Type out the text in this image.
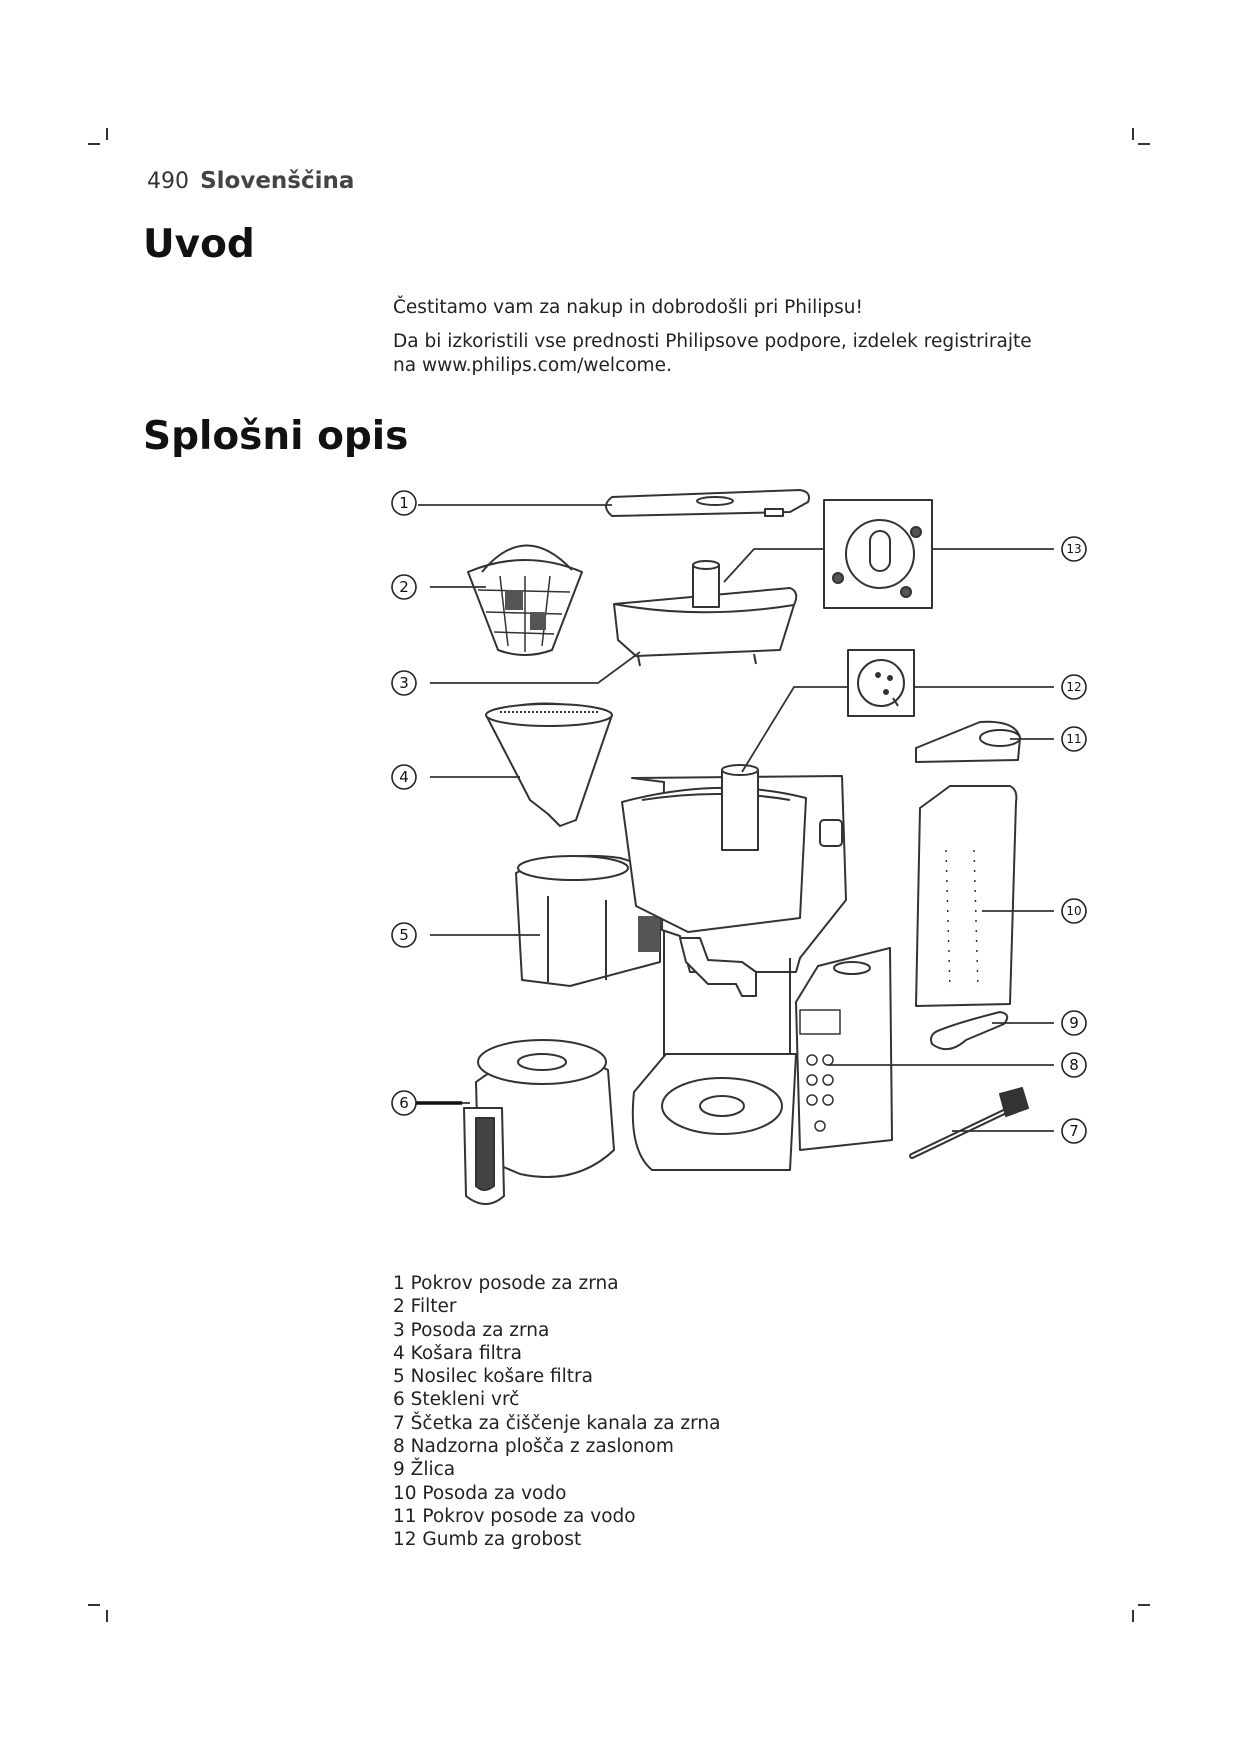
490 Slovenščina
Uvod

Čestitamo vam za nakup in dobrodošli pri Philipsu!

Da bi izkoristili vse prednosti Philipsove podpore, izdelek registrirajte na www.philips.com/welcome.

Splošni opis
1
2
3
4
5
6
7
8
9
10
11
12
13
1 Pokrov posode za zrna
2 Filter
3 Posoda za zrna
4 Košara filtra
5 Nosilec košare filtra
6 Stekleni vrč
7 Ščetka za čiščenje kanala za zrna
8 Nadzorna plošča z zaslonom
9 Žlica
10 Posoda za vodo
11 Pokrov posode za vodo
12 Gumb za grobost
